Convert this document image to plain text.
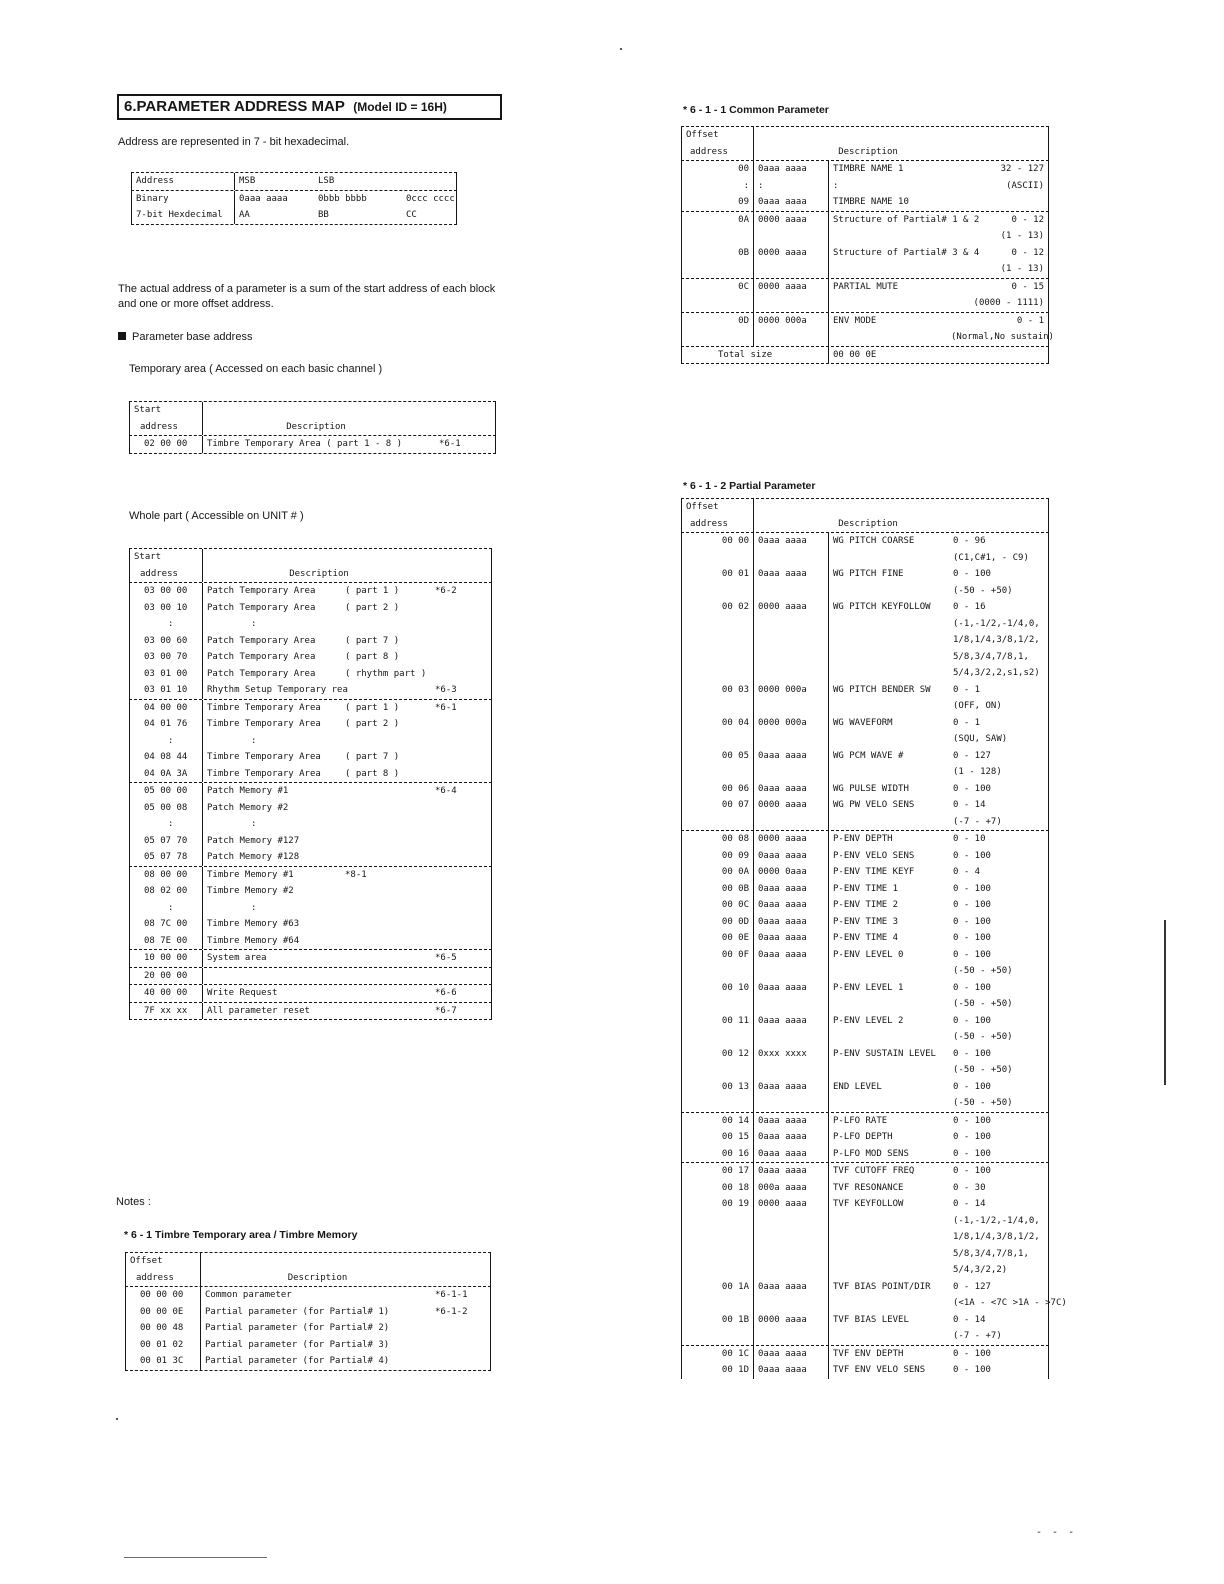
6.PARAMETER ADDRESS MAP (Model ID = 16H)
Address are represented in 7 - bit hexadecimal.
Address	MSB	LSB
Binary	0aaa aaaa	0bbb bbbb	0ccc cccc
7-bit Hexdecimal	AA	BB	CC
The actual address of a parameter is a sum of the start address of each block
and one or more offset address.
Parameter base address
Temporary area ( Accessed on each basic channel )
Start
address	Description
02 00 00	Timbre Temporary Area ( part 1 - 8 )	*6-1
Whole part ( Accessible on UNIT # )
Start
address	Description
03 00 00	Patch Temporary Area	( part 1 )	*6-2
03 00 10	Patch Temporary Area	( part 2 )
:	:
03 00 60	Patch Temporary Area	( part 7 )
03 00 70	Patch Temporary Area	( part 8 )
03 01 00	Patch Temporary Area	( rhythm part )
03 01 10	Rhythm Setup Temporary rea	*6-3
04 00 00	Timbre Temporary Area	( part 1 )	*6-1
04 01 76	Timbre Temporary Area	( part 2 )
:	:
04 08 44	Timbre Temporary Area	( part 7 )
04 0A 3A	Timbre Temporary Area	( part 8 )
05 00 00	Patch Memory #1	*6-4
05 00 08	Patch Memory #2
:	:
05 07 70	Patch Memory #127
05 07 78	Patch Memory #128
08 00 00	Timbre Memory #1	*8-1
08 02 00	Timbre Memory #2
:	:
08 7C 00	Timbre Memory #63
08 7E 00	Timbre Memory #64
10 00 00	System area	*6-5
20 00 00
40 00 00	Write Request	*6-6
7F xx xx	All parameter reset	*6-7
Notes :
* 6 - 1 Timbre Temporary area / Timbre Memory
Offset
address	Description
00 00 00	Common parameter	*6-1-1
00 00 0E	Partial parameter (for Partial# 1)	*6-1-2
00 00 48	Partial parameter (for Partial# 2)
00 01 02	Partial parameter (for Partial# 3)
00 01 3C	Partial parameter (for Partial# 4)
* 6 - 1 - 1 Common Parameter
Offset
address	Description
00	0aaa aaaa	TIMBRE NAME 1	32 - 127
:	:	:	(ASCII)
09	0aaa aaaa	TIMBRE NAME 10
0A	0000 aaaa	Structure of Partial# 1 & 2	0 - 12
(1 - 13)
0B	0000 aaaa	Structure of Partial# 3 & 4	0 - 12
(1 - 13)
0C	0000 aaaa	PARTIAL MUTE	0 - 15
(0000 - 1111)
0D	0000 000a	ENV MODE	0 - 1
(Normal,No sustain)
Total size	00 00 0E
* 6 - 1 - 2 Partial Parameter
Offset
address	Description
00 00	0aaa aaaa	WG PITCH COARSE	0 - 96
(C1,C#1, - C9)
00 01	0aaa aaaa	WG PITCH FINE	0 - 100
(-50 - +50)
00 02	0000 aaaa	WG PITCH KEYFOLLOW	0 - 16
(-1,-1/2,-1/4,0,
1/8,1/4,3/8,1/2,
5/8,3/4,7/8,1,
5/4,3/2,2,s1,s2)
00 03	0000 000a	WG PITCH BENDER SW	0 - 1
(OFF, ON)
00 04	0000 000a	WG WAVEFORM	0 - 1
(SQU, SAW)
00 05	0aaa aaaa	WG PCM WAVE #	0 - 127
(1 - 128)
00 06	0aaa aaaa	WG PULSE WIDTH	0 - 100
00 07	0000 aaaa	WG PW VELO SENS	0 - 14
(-7 - +7)
00 08	0000 aaaa	P-ENV DEPTH	0 - 10
00 09	0aaa aaaa	P-ENV VELO SENS	0 - 100
00 0A	0000 0aaa	P-ENV TIME KEYF	0 - 4
00 0B	0aaa aaaa	P-ENV TIME 1	0 - 100
00 0C	0aaa aaaa	P-ENV TIME 2	0 - 100
00 0D	0aaa aaaa	P-ENV TIME 3	0 - 100
00 0E	0aaa aaaa	P-ENV TIME 4	0 - 100
00 0F	0aaa aaaa	P-ENV LEVEL 0	0 - 100
(-50 - +50)
00 10	0aaa aaaa	P-ENV LEVEL 1	0 - 100
(-50 - +50)
00 11	0aaa aaaa	P-ENV LEVEL 2	0 - 100
(-50 - +50)
00 12	0xxx xxxx	P-ENV SUSTAIN LEVEL	0 - 100
(-50 - +50)
00 13	0aaa aaaa	END LEVEL	0 - 100
(-50 - +50)
00 14	0aaa aaaa	P-LFO RATE	0 - 100
00 15	0aaa aaaa	P-LFO DEPTH	0 - 100
00 16	0aaa aaaa	P-LFO MOD SENS	0 - 100
00 17	0aaa aaaa	TVF CUTOFF FREQ	0 - 100
00 18	000a aaaa	TVF RESONANCE	0 - 30
00 19	0000 aaaa	TVF KEYFOLLOW	0 - 14
(-1,-1/2,-1/4,0,
1/8,1/4,3/8,1/2,
5/8,3/4,7/8,1,
5/4,3/2,2)
00 1A	0aaa aaaa	TVF BIAS POINT/DIR	0 - 127
(<1A - <7C >1A - >7C)
00 1B	0000 aaaa	TVF BIAS LEVEL	0 - 14
(-7 - +7)
00 1C	0aaa aaaa	TVF ENV DEPTH	0 - 100
00 1D	0aaa aaaa	TVF ENV VELO SENS	0 - 100
- - -
